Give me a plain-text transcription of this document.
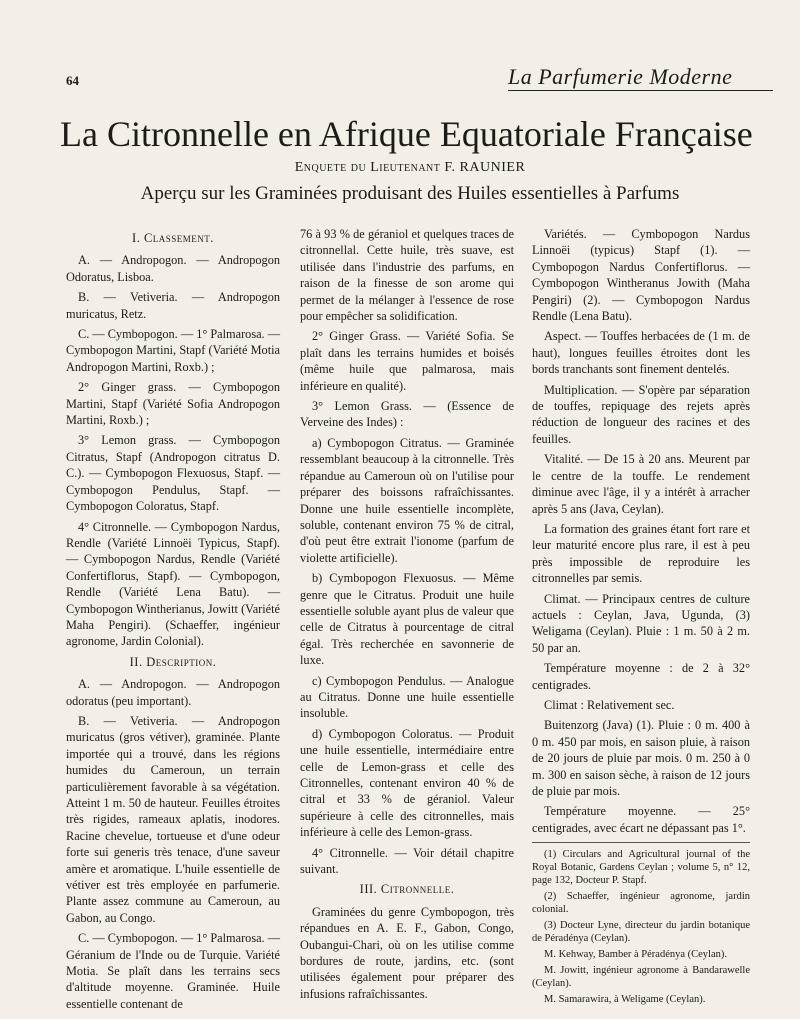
64	La Parfumerie Moderne
La Citronnelle en Afrique Equatoriale Française
Enquete du Lieutenant F. RAUNIER
Aperçu sur les Graminées produisant des Huiles essentielles à Parfums
I. Classement.

A. — Andropogon. — Andropogon Odoratus, Lisboa.

B. — Vetiveria. — Andropogon muricatus, Retz.

C. — Cymbopogon. — 1° Palmarosa. — Cymbopogon Martini, Stapf (Variété Motia Andropogon Martini, Roxb.) ;

2° Ginger grass. — Cymbopogon Martini, Stapf (Variété Sofia Andropogon Martini, Roxb.) ;

3° Lemon grass. — Cymbopogon Citratus, Stapf (Andropogon citratus D. C.). — Cymbopogon Flexuosus, Stapf. — Cymbopogon Pendulus, Stapf. — Cymbopogon Coloratus, Stapf.

4° Citronnelle. — Cymbopogon Nardus, Rendle (Variété Linnoëi Typicus, Stapf). — Cymbopogon Nardus, Rendle (Variété Confertiflorus, Stapf). — Cymbopogon, Rendle (Variété Lena Batu). — Cymbopogon Wintherianus, Jowitt (Variété Maha Pengiri). (Schaeffer, ingénieur agronome, Jardin Colonial).

II. Description.

A. — Andropogon. — Andropogon odoratus (peu important).

B. — Vetiveria. — Andropogon muricatus (gros vétiver), graminée. Plante importée qui a trouvé, dans les régions humides du Cameroun, un terrain particulièrement favorable à sa végétation. Atteint 1 m. 50 de hauteur. Feuilles étroites très rigides, rameaux aplatis, inodores. Racine chevelue, tortueuse et d'une odeur forte sui generis très tenace, d'une saveur amère et aromatique. L'huile essentielle de vétiver est très employée en parfumerie. Plante assez commune au Cameroun, au Gabon, au Congo.

C. — Cymbopogon. — 1° Palmarosa. — Géranium de l'Inde ou de Turquie. Variété Motia. Se plaît dans les terrains secs d'altitude moyenne. Graminée. Huile essentielle contenant de

76 à 93 % de géraniol et quelques traces de citronnellal. Cette huile, très suave, est utilisée dans l'industrie des parfums, en raison de la finesse de son arome qui permet de la mélanger à l'essence de rose pour empêcher sa solidification.

2° Ginger Grass. — Variété Sofia. Se plaît dans les terrains humides et boisés (même huile que palmarosa, mais inférieure en qualité).

3° Lemon Grass. — (Essence de Verveine des Indes) :

a) Cymbopogon Citratus. — Graminée ressemblant beaucoup à la citronnelle. Très répandue au Cameroun où on l'utilise pour préparer des boissons rafraîchissantes. Donne une huile essentielle incomplète, soluble, contenant environ 75 % de citral, d'où peut être extrait l'ionome (parfum de violette artificielle).

b) Cymbopogon Flexuosus. — Même genre que le Citratus. Produit une huile essentielle soluble ayant plus de valeur que celle de Citratus à pourcentage de citral égal. Très recherchée en savonnerie de luxe.

c) Cymbopogon Pendulus. — Analogue au Citratus. Donne une huile essentielle insoluble.

d) Cymbopogon Coloratus. — Produit une huile essentielle, intermédiaire entre celle de Lemon-grass et celle des Citronnelles, contenant environ 40 % de citral et 33 % de géraniol. Valeur supérieure à celle des citronnelles, mais inférieure à celle des Lemon-grass.

4° Citronnelle. — Voir détail chapitre suivant.

III. Citronnelle.

Graminées du genre Cymbopogon, très répandues en A. E. F., Gabon, Congo, Oubangui-Chari, où on les utilise comme bordures de route, jardins, etc. (sont utilisées également pour préparer des infusions rafraîchissantes.

Variétés. — Cymbopogon Nardus Linnoëi (typicus) Stapf (1). — Cymbopogon Nardus Confertiflorus. — Cymbopogon Wintheranus Jowith (Maha Pengiri) (2). — Cymbopogon Nardus Rendle (Lena Batu).

Aspect. — Touffes herbacées de (1 m. de haut), longues feuilles étroites dont les bords tranchants sont finement dentelés.

Multiplication. — S'opère par séparation de touffes, repiquage des rejets après réduction de longueur des racines et des feuilles.

Vitalité. — De 15 à 20 ans. Meurent par le centre de la touffe. Le rendement diminue avec l'âge, il y a intérêt à arracher après 5 ans (Java, Ceylan).

La formation des graines étant fort rare et leur maturité encore plus rare, il est à peu près impossible de reproduire les citronnelles par semis.

Climat. — Principaux centres de culture actuels : Ceylan, Java, Ugunda, (3) Weligama (Ceylan). Pluie : 1 m. 50 à 2 m. 50 par an.

Température moyenne : de 2 à 32° centigrades.

Climat : Relativement sec.

Buitenzorg (Java) (1). Pluie : 0 m. 400 à 0 m. 450 par mois, en saison pluie, à raison de 20 jours de pluie par mois. 0 m. 250 à 0 m. 300 en saison sèche, à raison de 12 jours de pluie par mois.

Température moyenne. — 25° centigrades, avec écart ne dépassant pas 1°.

(1) Circulars and Agricultural journal of the Royal Botanic, Gardens Ceylan ; volume 5, n° 12, page 132, Docteur P. Stapf.

(2) Schaeffer, ingénieur agronome, jardin colonial.

(3) Docteur Lyne, directeur du jardin botanique de Péradénya (Ceylan).

M. Kehway, Bamber à Péradénya (Ceylan).

M. Jowitt, ingénieur agronome à Bandarawelle (Ceylan).

M. Samarawira, à Weligame (Ceylan).
